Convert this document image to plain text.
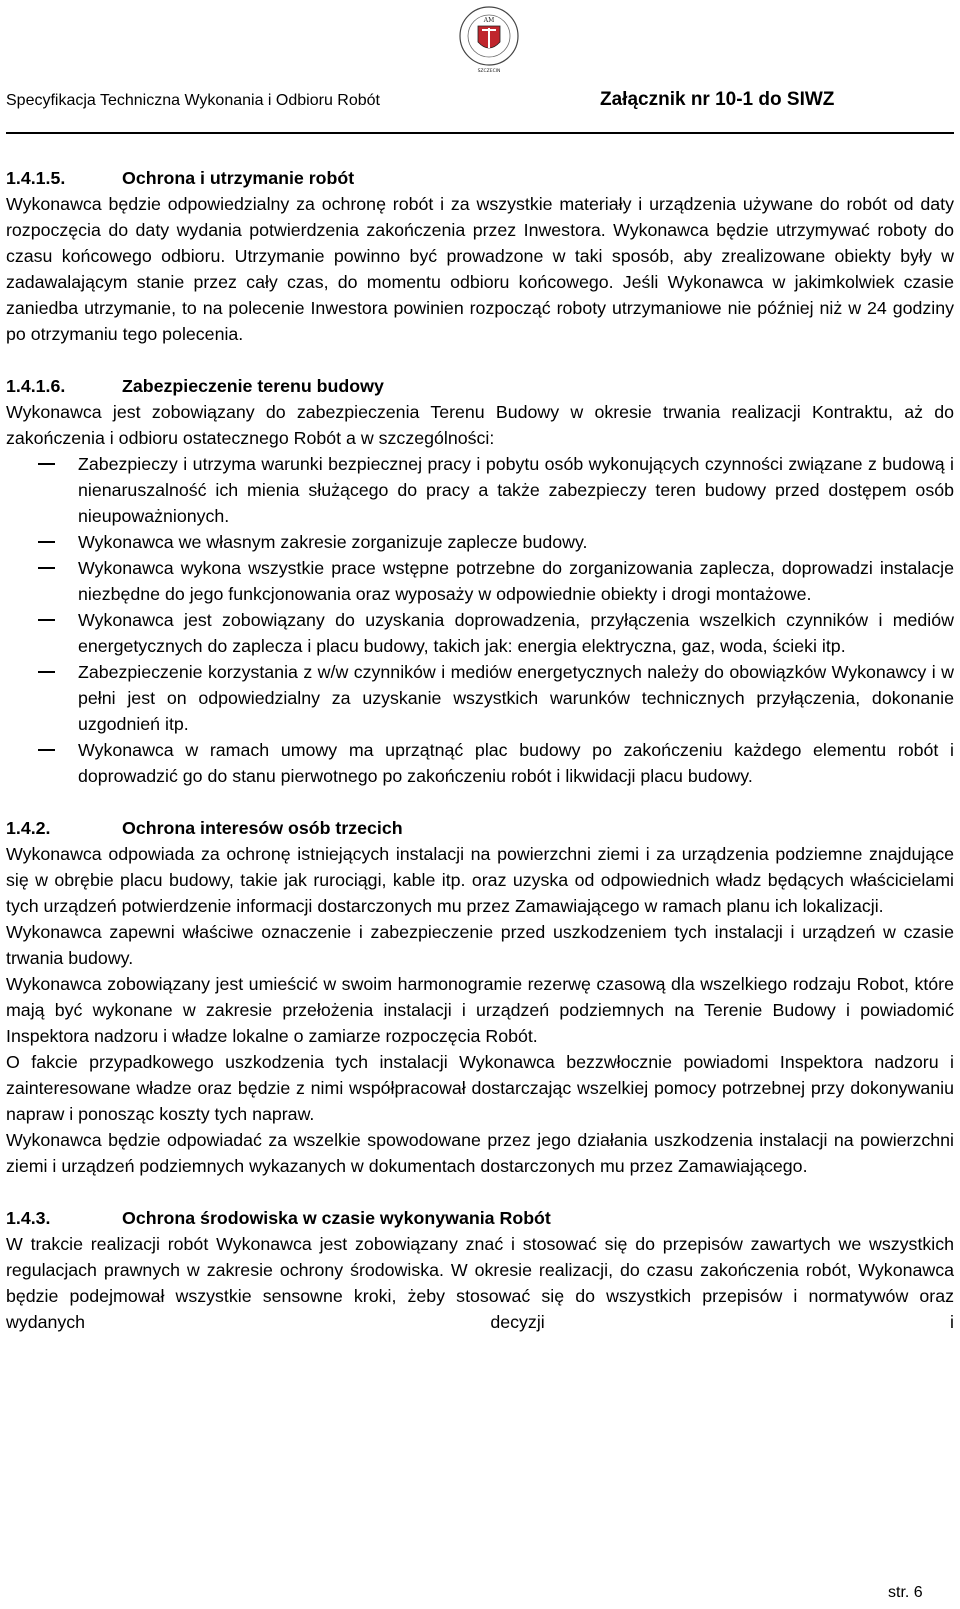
AM
SZCZECIN
Specyfikacja Techniczna Wykonania i Odbioru Robót	Załącznik nr 10-1 do SIWZ
1.4.1.5.	Ochrona i utrzymanie robót

Wykonawca będzie odpowiedzialny za ochronę robót i za wszystkie materiały i urządzenia używane do robót od daty rozpoczęcia do daty wydania potwierdzenia zakończenia przez Inwestora. Wykonawca będzie utrzymywać roboty do czasu końcowego odbioru. Utrzymanie powinno być prowadzone w taki sposób, aby zrealizowane obiekty były w zadawalającym stanie przez cały czas, do momentu odbioru końcowego. Jeśli Wykonawca w jakimkolwiek czasie zaniedba utrzymanie, to na polecenie Inwestora powinien rozpocząć roboty utrzymaniowe nie później niż w 24 godziny po otrzymaniu tego polecenia.

1.4.1.6.	Zabezpieczenie terenu budowy

Wykonawca jest zobowiązany do zabezpieczenia Terenu Budowy w okresie trwania realizacji Kontraktu, aż do zakończenia i odbioru ostatecznego Robót a w szczególności:

Zabezpieczy i utrzyma warunki bezpiecznej pracy i pobytu osób wykonujących czynności związane z budową i nienaruszalność ich mienia służącego do pracy a także zabezpieczy teren budowy przed dostępem osób nieupoważnionych.
Wykonawca we własnym zakresie zorganizuje zaplecze budowy.
Wykonawca wykona wszystkie prace wstępne potrzebne do zorganizowania zaplecza, doprowadzi instalacje niezbędne do jego funkcjonowania oraz wyposaży w odpowiednie obiekty i drogi montażowe.
Wykonawca jest zobowiązany do uzyskania doprowadzenia, przyłączenia wszelkich czynników i mediów energetycznych do zaplecza i placu budowy, takich jak: energia elektryczna, gaz, woda, ścieki itp.
Zabezpieczenie korzystania z w/w czynników i mediów energetycznych należy do obowiązków Wykonawcy i w pełni jest on odpowiedzialny za uzyskanie wszystkich warunków technicznych przyłączenia, dokonanie uzgodnień itp.
Wykonawca w ramach umowy ma uprzątnąć plac budowy po zakończeniu każdego elementu robót i doprowadzić go do stanu pierwotnego po zakończeniu robót i likwidacji placu budowy.
1.4.2.	Ochrona interesów osób trzecich

Wykonawca odpowiada za ochronę istniejących instalacji na powierzchni ziemi i za urządzenia podziemne znajdujące się w obrębie placu budowy, takie jak rurociągi, kable itp. oraz uzyska od odpowiednich władz będących właścicielami tych urządzeń potwierdzenie informacji dostarczonych mu przez Zamawiającego w ramach planu ich lokalizacji.

Wykonawca zapewni właściwe oznaczenie i zabezpieczenie przed uszkodzeniem tych instalacji i urządzeń w czasie trwania budowy.

Wykonawca zobowiązany jest umieścić w swoim harmonogramie rezerwę czasową dla wszelkiego rodzaju Robot, które mają być wykonane w zakresie przełożenia instalacji i urządzeń podziemnych na Terenie Budowy i powiadomić Inspektora nadzoru i władze lokalne o zamiarze rozpoczęcia Robót.

O fakcie przypadkowego uszkodzenia tych instalacji Wykonawca bezzwłocznie powiadomi Inspektora nadzoru i zainteresowane władze oraz będzie z nimi współpracował dostarczając wszelkiej pomocy potrzebnej przy dokonywaniu napraw i ponosząc koszty tych napraw.

Wykonawca będzie odpowiadać za wszelkie spowodowane przez jego działania uszkodzenia instalacji na powierzchni ziemi i urządzeń podziemnych wykazanych w dokumentach dostarczonych mu przez Zamawiającego.

1.4.3.	Ochrona środowiska w czasie wykonywania Robót

W trakcie realizacji robót Wykonawca jest zobowiązany znać i stosować się do przepisów zawartych we wszystkich regulacjach prawnych w zakresie ochrony środowiska. W okresie realizacji, do czasu zakończenia robót, Wykonawca będzie podejmował wszystkie sensowne kroki, żeby stosować się do wszystkich przepisów i normatywów oraz wydanych decyzji i

str. 6
